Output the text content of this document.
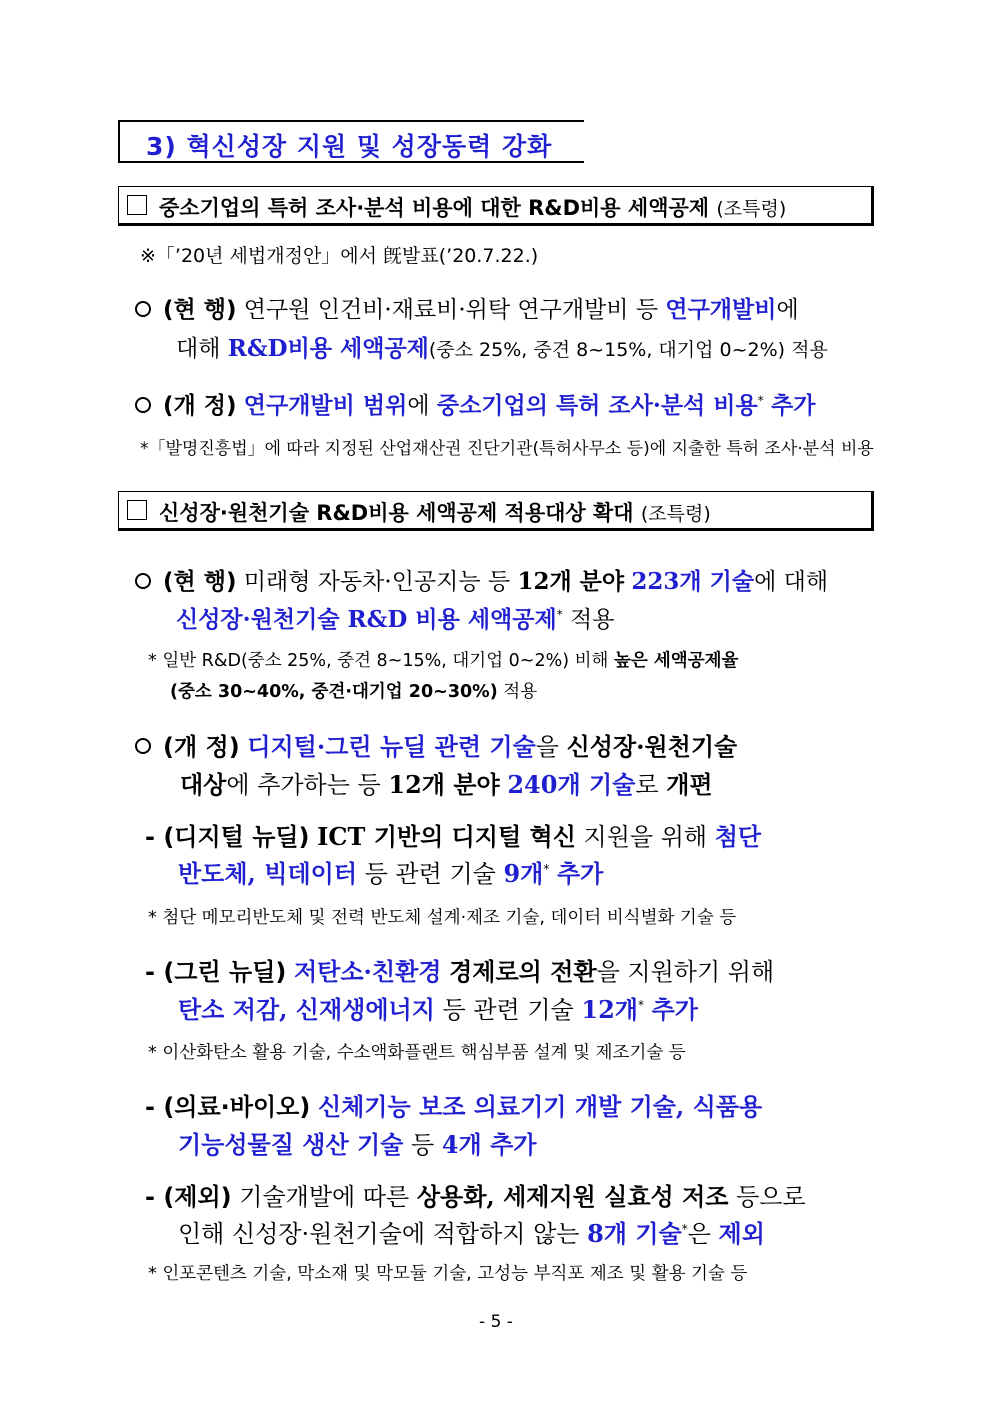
3) 혁신성장 지원 및 성장동력 강화
중소기업의 특허 조사·분석 비용에 대한 R&D비용 세액공제 (조특령)
※「’20년 세법개정안」에서 旣발표(’20.7.22.)
(현 행) 연구원 인건비·재료비·위탁 연구개발비 등 연구개발비에
대해 R&D비용 세액공제(중소 25%, 중견 8~15%, 대기업 0~2%) 적용
(개 정) 연구개발비 범위에 중소기업의 특허 조사·분석 비용* 추가
*「발명진흥법」에 따라 지정된 산업재산권 진단기관(특허사무소 등)에 지출한 특허 조사·분석 비용
신성장·원천기술 R&D비용 세액공제 적용대상 확대 (조특령)
(현 행) 미래형 자동차·인공지능 등 12개 분야 223개 기술에 대해
신성장·원천기술 R&D 비용 세액공제* 적용
* 일반 R&D(중소 25%, 중견 8~15%, 대기업 0~2%) 비해 높은 세액공제율
(중소 30~40%, 중견·대기업 20~30%) 적용
(개 정) 디지털·그린 뉴딜 관련 기술을 신성장·원천기술
대상에 추가하는 등 12개 분야 240개 기술로 개편
- (디지털 뉴딜) ICT 기반의 디지털 혁신 지원을 위해 첨단
반도체, 빅데이터 등 관련 기술 9개* 추가
* 첨단 메모리반도체 및 전력 반도체 설계·제조 기술, 데이터 비식별화 기술 등
- (그린 뉴딜) 저탄소·친환경 경제로의 전환을 지원하기 위해
탄소 저감, 신재생에너지 등 관련 기술 12개* 추가
* 이산화탄소 활용 기술, 수소액화플랜트 핵심부품 설계 및 제조기술 등
- (의료·바이오) 신체기능 보조 의료기기 개발 기술, 식품용
기능성물질 생산 기술 등 4개 추가
- (제외) 기술개발에 따른 상용화, 세제지원 실효성 저조 등으로
인해 신성장·원천기술에 적합하지 않는 8개 기술*은 제외
* 인포콘텐츠 기술, 막소재 및 막모듈 기술, 고성능 부직포 제조 및 활용 기술 등
- 5 -
